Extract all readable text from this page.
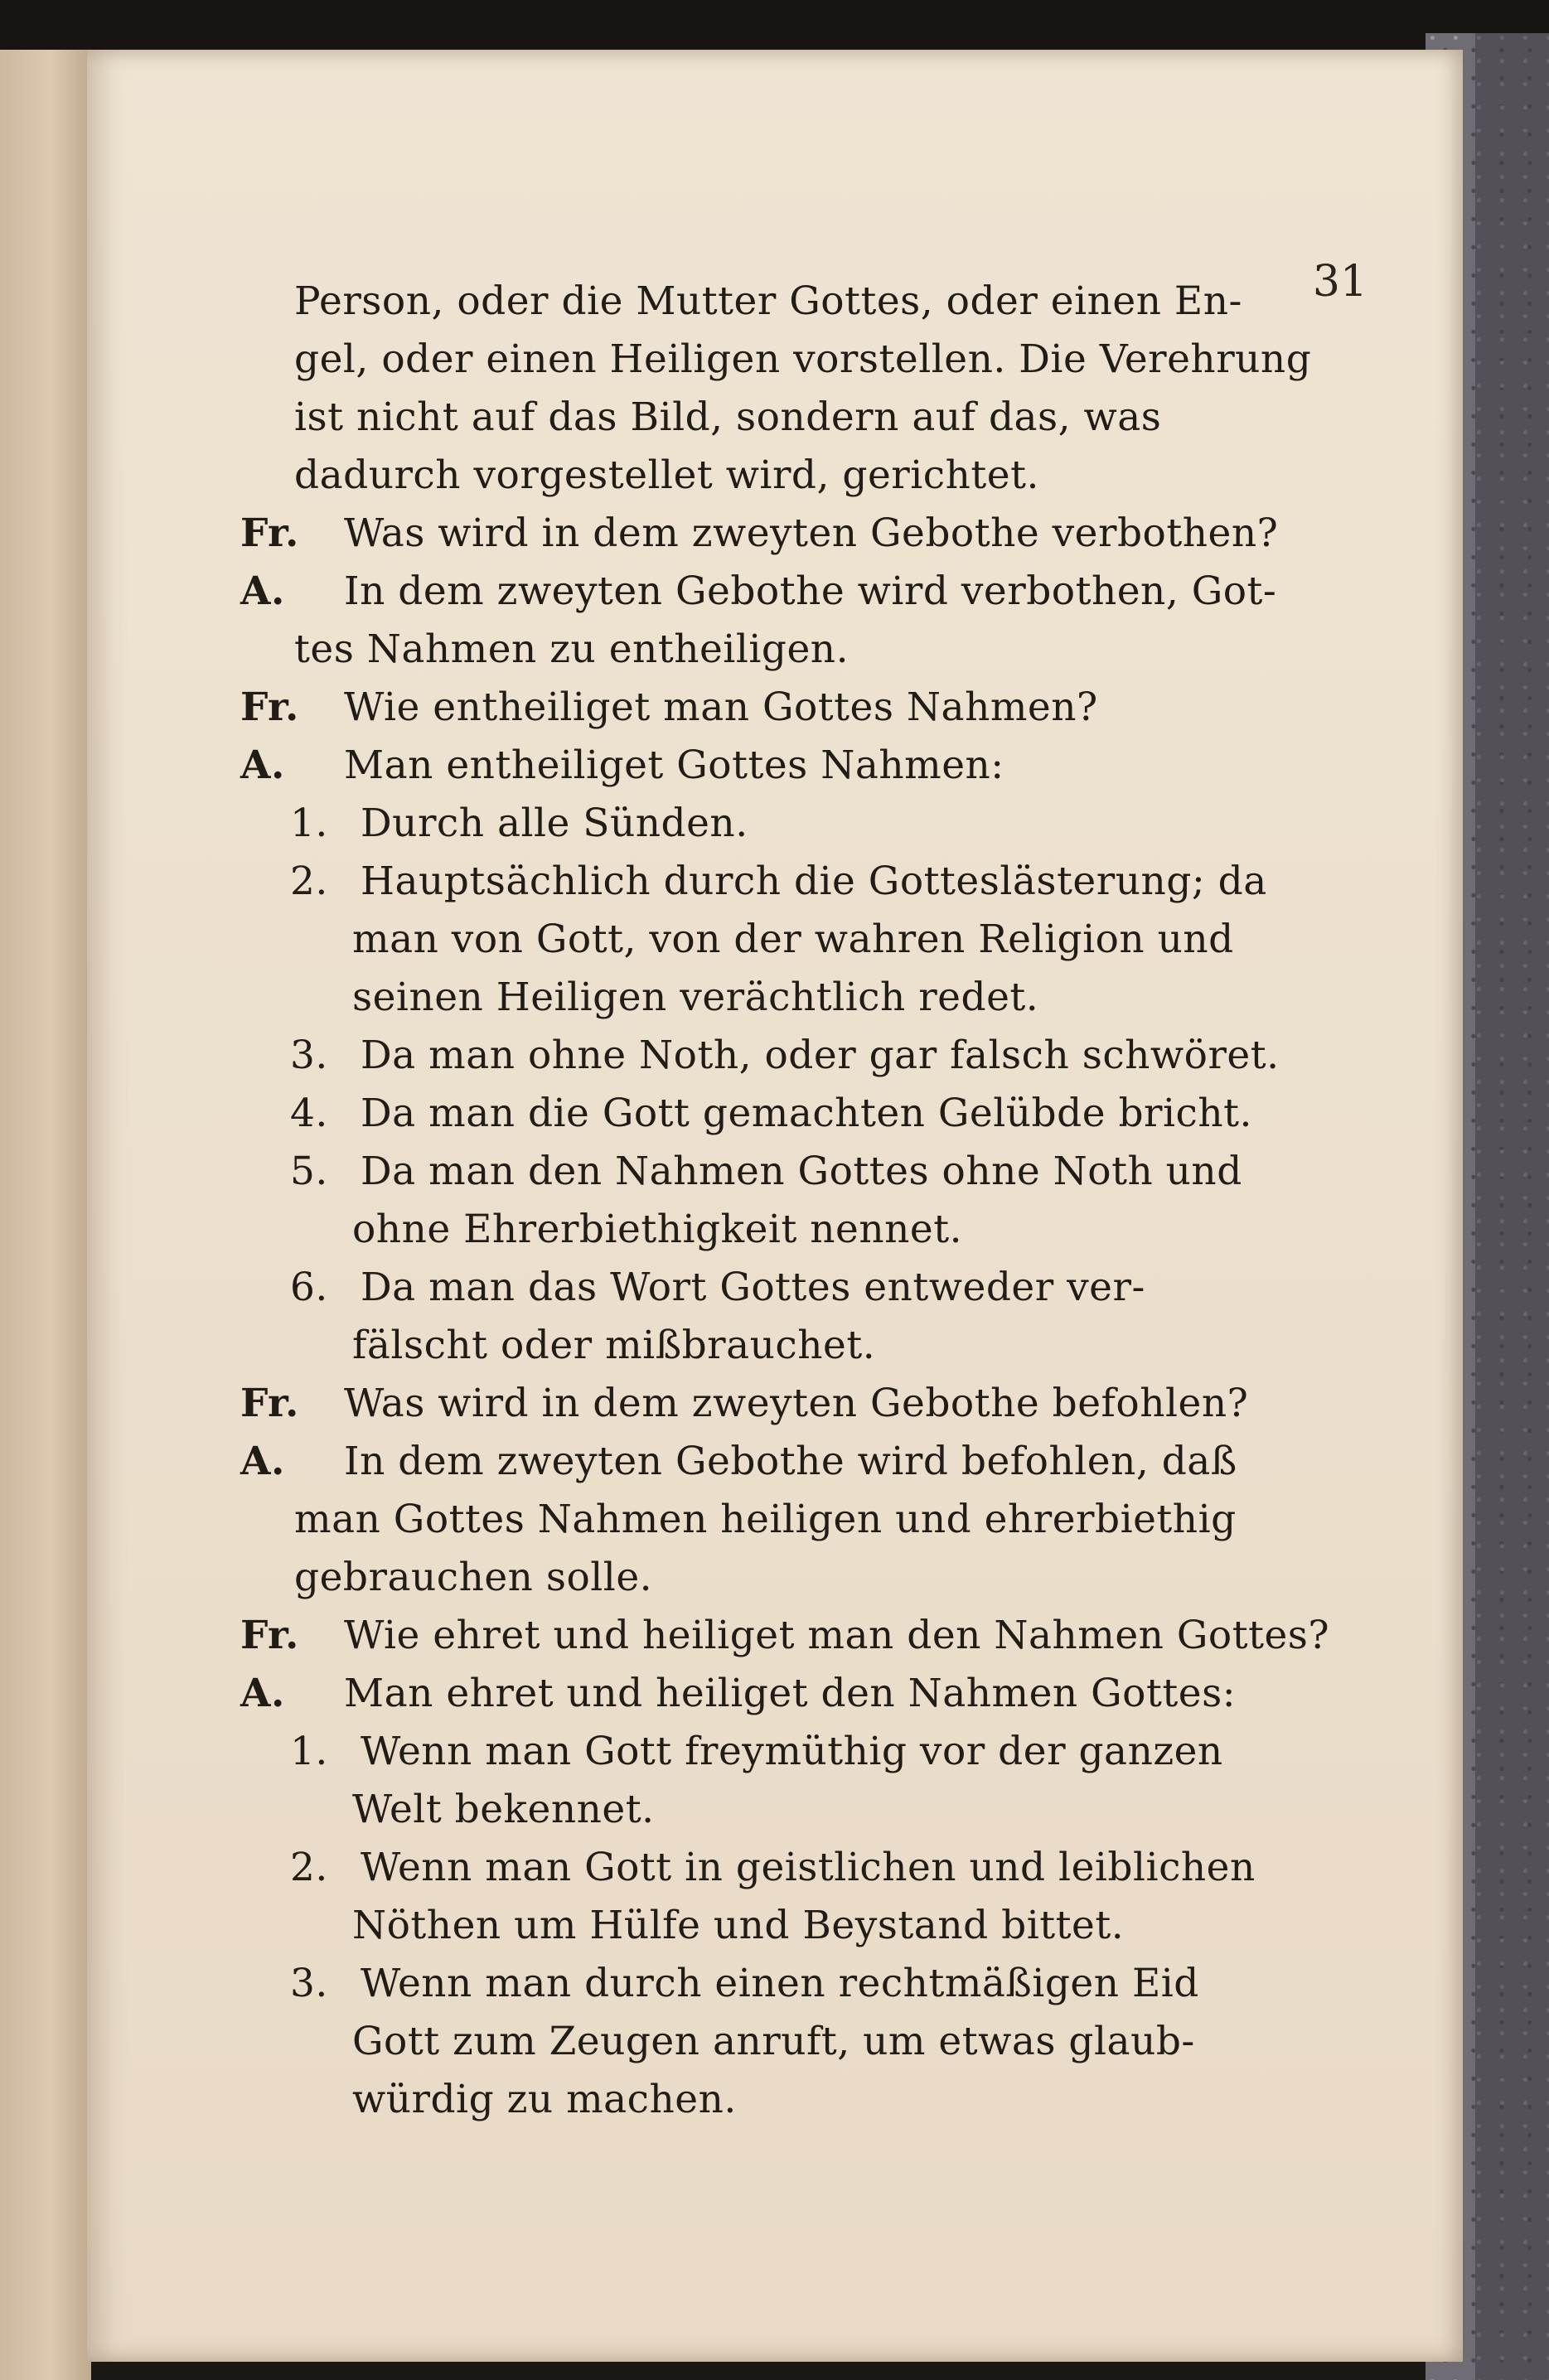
31
Person, oder die Mutter Gottes, oder einen En-
gel, oder einen Heiligen vorstellen. Die Verehrung
ist nicht auf das Bild, sondern auf das, was
dadurch vorgestellet wird, gerichtet.
Fr. Was wird in dem zweyten Gebothe verbothen?
A. In dem zweyten Gebothe wird verbothen, Got-
tes Nahmen zu entheiligen.
Fr. Wie entheiliget man Gottes Nahmen?
A. Man entheiliget Gottes Nahmen:
1. Durch alle Sünden.
2. Hauptsächlich durch die Gotteslästerung; da
man von Gott, von der wahren Religion und
seinen Heiligen verächtlich redet.
3. Da man ohne Noth, oder gar falsch schwöret.
4. Da man die Gott gemachten Gelübde bricht.
5. Da man den Nahmen Gottes ohne Noth und
ohne Ehrerbiethigkeit nennet.
6. Da man das Wort Gottes entweder ver-
fälscht oder mißbrauchet.
Fr. Was wird in dem zweyten Gebothe befohlen?
A. In dem zweyten Gebothe wird befohlen, daß
man Gottes Nahmen heiligen und ehrerbiethig
gebrauchen solle.
Fr. Wie ehret und heiliget man den Nahmen Gottes?
A. Man ehret und heiliget den Nahmen Gottes:
1. Wenn man Gott freymüthig vor der ganzen
Welt bekennet.
2. Wenn man Gott in geistlichen und leiblichen
Nöthen um Hülfe und Beystand bittet.
3. Wenn man durch einen rechtmäßigen Eid
Gott zum Zeugen anruft, um etwas glaub-
würdig zu machen.
